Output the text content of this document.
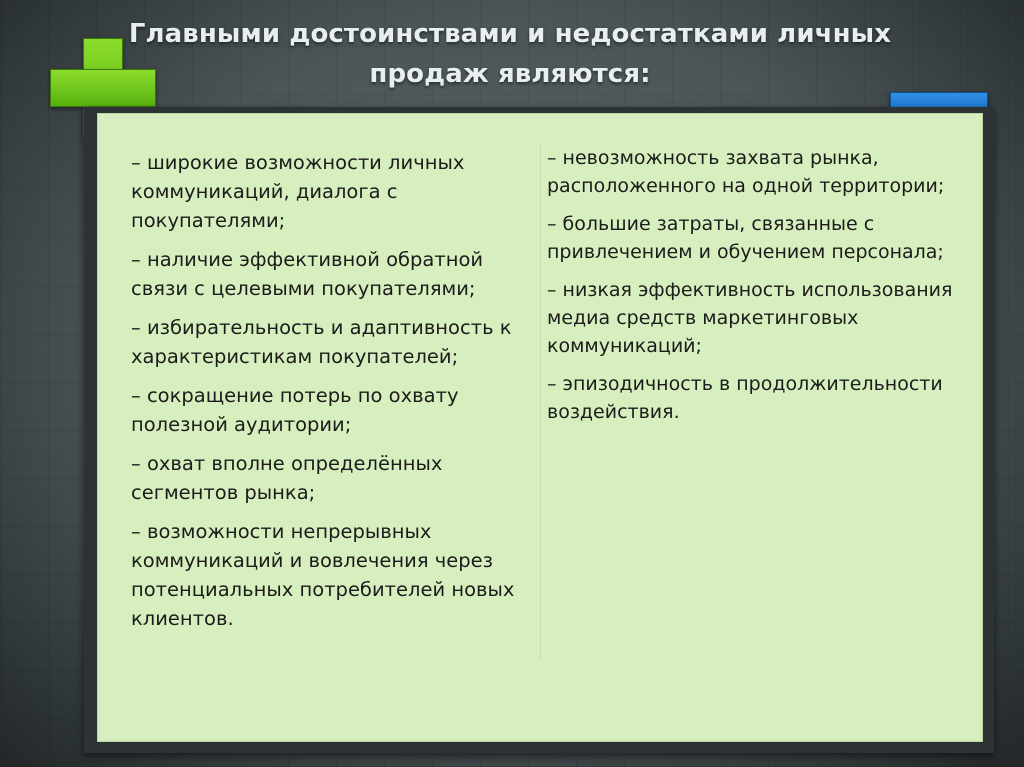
Главными достоинствами и недостатками личных продаж являются:
– широкие возможности личных коммуникаций, диалога с покупателями;
– наличие эффективной обратной связи с целевыми покупателями;
– избирательность и адаптивность к характеристикам покупателей;
– сокращение потерь по охвату полезной аудитории;
– охват вполне определённых сегментов рынка;
– возможности непрерывных коммуникаций и вовлечения через потенциальных потребителей новых клиентов.
– невозможность захвата рынка, расположенного на одной территории;
– большие затраты, связанные с привлечением и обучением персонала;
– низкая эффективность использования медиа средств маркетинговых коммуникаций;
– эпизодичность в продолжительности воздействия.
